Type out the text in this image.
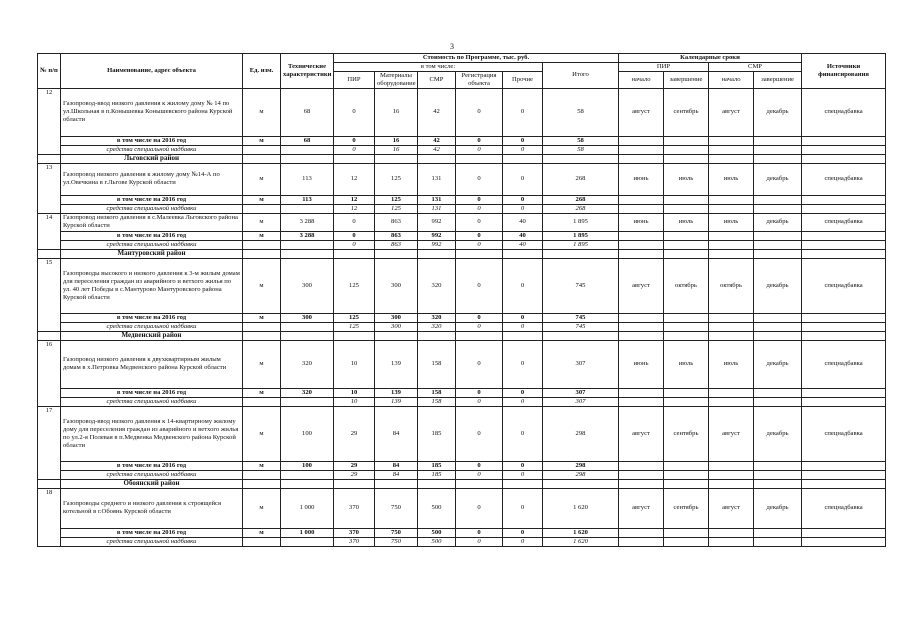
3
№ п/п	Наименование, адрес объекта	Ед. изм.	Технические характеристики	Стоимость по Программе, тыс. руб.						Календарные сроки				Источники финансирования
				в том числе:					Итого	ПИР		СМР		
				ПИР	Материалы оборудование	СМР	Регистрация объекта	Прочие		начало	завершение	начало	завершение	
12	Газопровод-ввод низкого давления к жилому дому № 14 по ул.Школьная в п.Конышевка Конышевского района Курской области	м	68	0	16	42	0	0	58	август	сентябрь	август	декабрь	спецнадбавка
	в том числе на 2016 год	м	68	0	16	42	0	0	58					
	средства специальной надбавки			0	16	42	0	0	58					
	Льговский район													
13	Газопровод низкого давления к жилому дому №14-А по ул.Овечкина в г.Льгове Курской области	м	113	12	125	131	0	0	268	июнь	июль	июль	декабрь	спецнадбавка
	в том числе на 2016 год	м	113	12	125	131	0	0	268					
	средства специальной надбавки			12	125	131	0	0	268					
14	Газопровод низкого давления в с.Малеевка Льговского района Курской области	м	3 288	0	863	992	0	40	1 895	июнь	июль	июль	декабрь	спецнадбавка
	в том числе на 2016 год	м	3 288	0	863	992	0	40	1 895					
	средства специальной надбавки			0	863	992	0	40	1 895					
	Мантуровский район													
15	Газопроводы высокого и низкого давления к 3-м жилым домам для переселения граждан из аварийного и ветхого жилья по ул. 40 лет Победы в с.Мантурово Мантуровского района Курской области	м	300	125	300	320	0	0	745	август	октябрь	октябрь	декабрь	спецнадбавка
	в том числе на 2016 год	м	300	125	300	320	0	0	745					
	средства специальной надбавки			125	300	320	0	0	745					
	Медвенский район													
16	Газопровод низкого давления к двухквартирным жилым домам в х.Петровка Медвенского района Курской области	м	320	10	139	158	0	0	307	июнь	июль	июль	декабрь	спецнадбавка
	в том числе на 2016 год	м	320	10	139	158	0	0	307					
	средства специальной надбавки			10	139	158	0	0	307					
17	Газопровод-ввод низкого давления к 14-квартирному жилому дому для переселения граждан из аварийного и ветхого жилья по ул.2-я Полевая в п.Медвенка Медвенского района Курской области	м	100	29	84	185	0	0	298	август	сентябрь	август	декабрь	спецнадбавка
	в том числе на 2016 год	м	100	29	84	185	0	0	298					
	средства специальной надбавки			29	84	185	0	0	298					
	Обоянский район													
18	Газопроводы среднего и низкого давления к строящейся котельной в г.Обоянь Курской области	м	1 000	370	750	500	0	0	1 620	август	сентябрь	август	декабрь	спецнадбавка
	в том числе на 2016 год	м	1 000	370	750	500	0	0	1 620					
	средства специальной надбавки			370	750	500	0	0	1 620					
